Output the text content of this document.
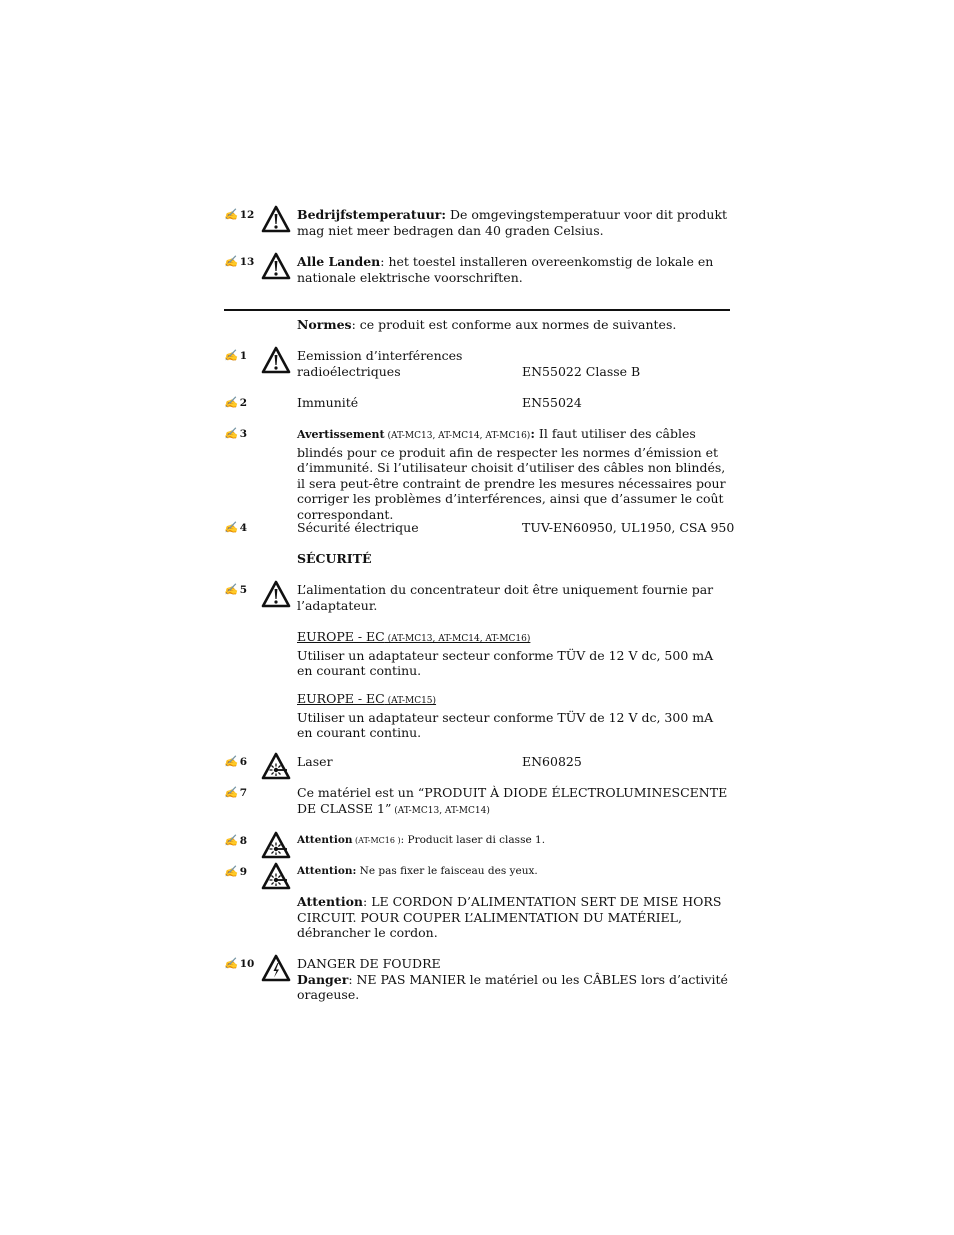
✍ 12	Bedrijfstemperatuur: De omgevingstemperatuur voor dit produkt mag niet meer bedragen dan 40 graden Celsius.

✍ 13	Alle Landen: het toestel installeren overeenkomstig de lokale en nationale elektrische voorschriften.

Normes: ce produit est conforme aux normes de suivantes.

✍ 1	Eemission d’interférences

radioélectriques	EN55022 Classe B
✍ 2	Immunité	EN55024
✍ 3	Avertissement (AT-MC13, AT-MC14, AT-MC16): Il faut utiliser des câbles blindés pour ce produit afin de respecter les normes d’émission et d’immunité. Si l’utilisateur choisit d’utiliser des câbles non blindés, il sera peut-être contraint de prendre les mesures nécessaires pour corriger les problèmes d’interférences, ainsi que d’assumer le coût correspondant.

✍ 4	Sécurité électrique	TUV-EN60950, UL1950, CSA 950

SÉCURITÉ

✍ 5	L’alimentation du concentrateur doit être uniquement fournie par l’adaptateur.

EUROPE - EC (AT-MC13, AT-MC14, AT-MC16)

Utiliser un adaptateur secteur conforme TÜV de 12 V dc, 500 mA en courant continu.

EUROPE - EC (AT-MC15)

Utiliser un adaptateur secteur conforme TÜV de 12 V dc, 300 mA en courant continu.

✍ 6	Laser	EN60825
✍ 7	Ce matériel est un “PRODUIT À DIODE ÉLECTROLUMINESCENTE DE CLASSE 1” (AT-MC13, AT-MC14)

✍ 8	Attention (AT-MC16 ): Producit laser di classe 1.

✍ 9	Attention: Ne pas fixer le faisceau des yeux.

Attention: LE CORDON D’ALIMENTATION SERT DE MISE HORS CIRCUIT. POUR COUPER L’ALIMENTATION DU MATÉRIEL, débrancher le cordon.

✍ 10	DANGER DE FOUDRE

Danger: NE PAS MANIER le matériel ou les CÂBLES lors d’activité orageuse.
